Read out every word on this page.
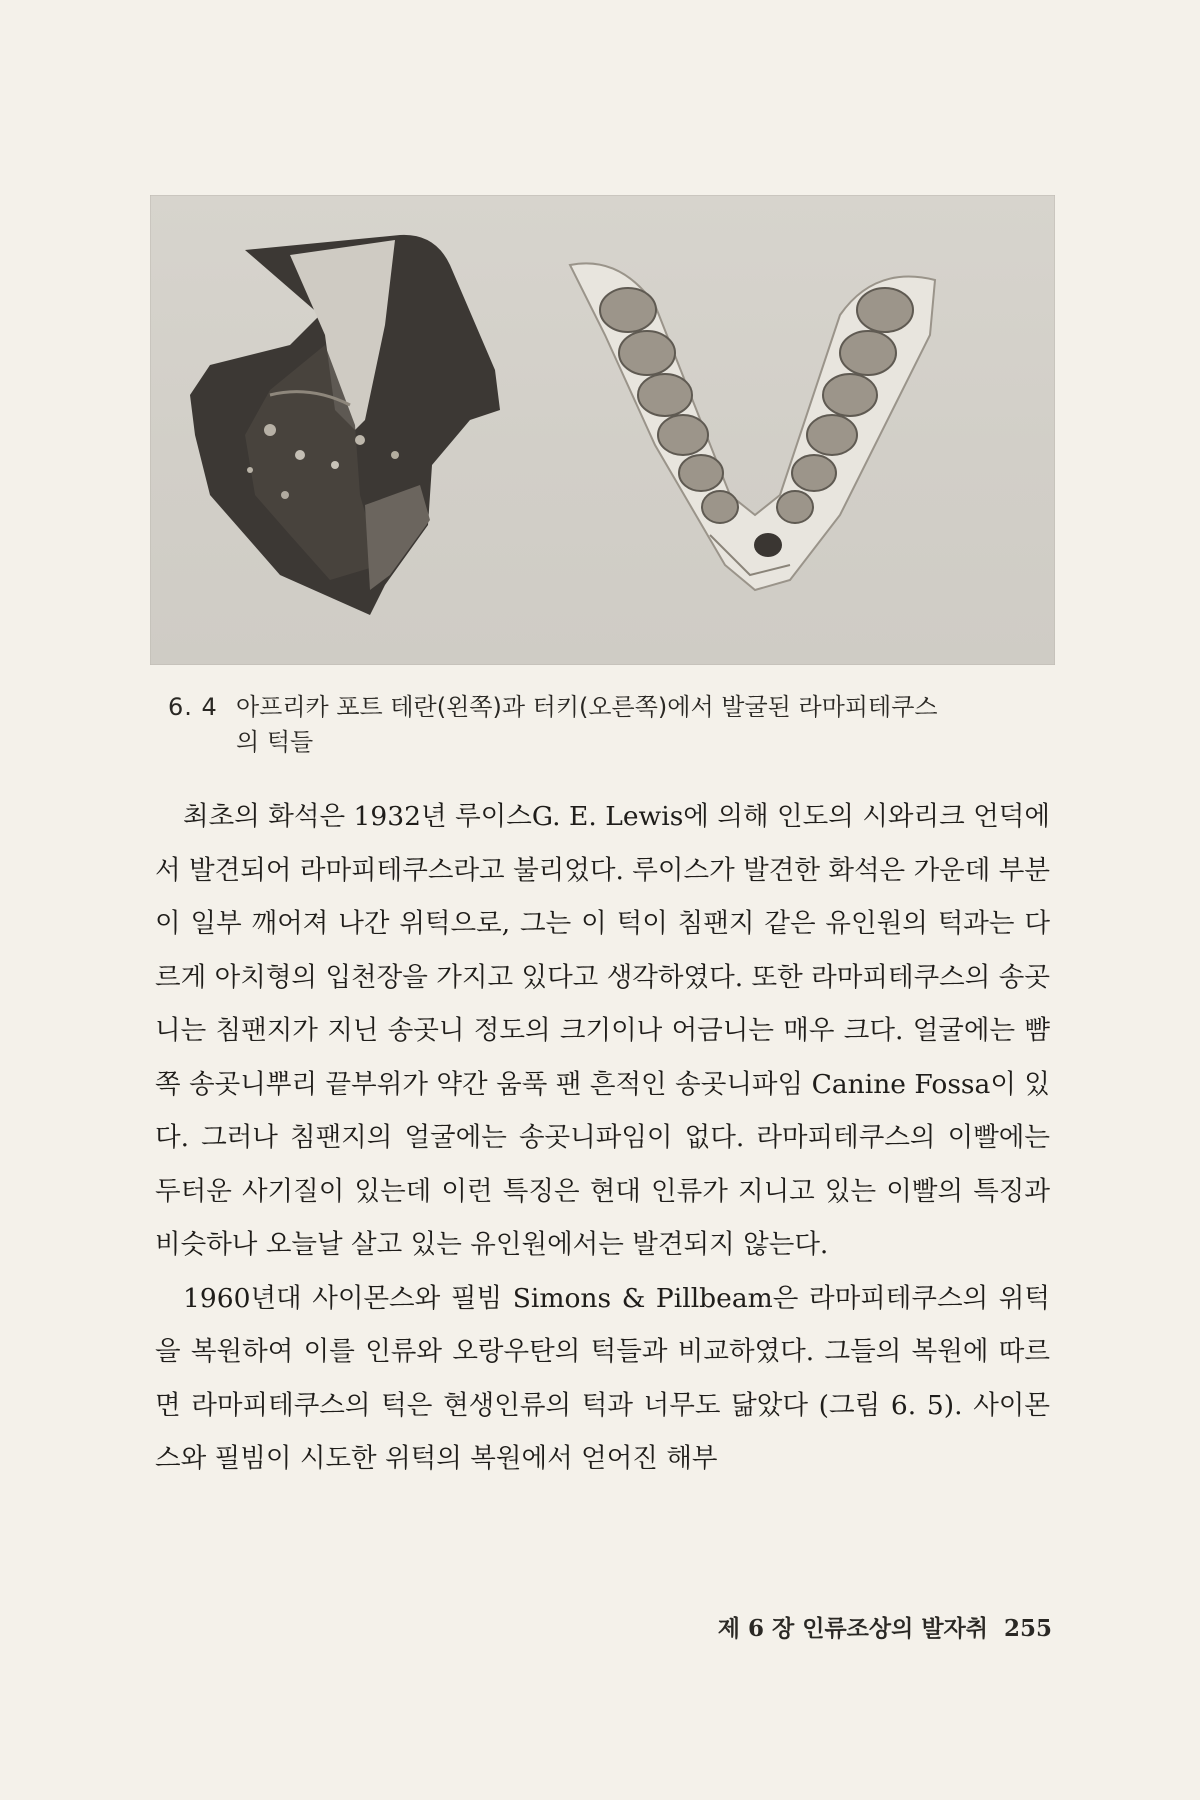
6. 4 아프리카 포트 테란(왼쪽)과 터키(오른쪽)에서 발굴된 라마피테쿠스
의 턱들

최초의 화석은 1932년 루이스G. E. Lewis에 의해 인도의 시와리크 언덕에서 발견되어 라마피테쿠스라고 불리었다. 루이스가 발견한 화석은 가운데 부분이 일부 깨어져 나간 위턱으로, 그는 이 턱이 침팬지 같은 유인원의 턱과는 다르게 아치형의 입천장을 가지고 있다고 생각하였다. 또한 라마피테쿠스의 송곳니는 침팬지가 지닌 송곳니 정도의 크기이나 어금니는 매우 크다. 얼굴에는 뺨쪽 송곳니뿌리 끝부위가 약간 움푹 팬 흔적인 송곳니파임 Canine Fossa이 있다. 그러나 침팬지의 얼굴에는 송곳니파임이 없다. 라마피테쿠스의 이빨에는 두터운 사기질이 있는데 이런 특징은 현대 인류가 지니고 있는 이빨의 특징과 비슷하나 오늘날 살고 있는 유인원에서는 발견되지 않는다.

1960년대 사이몬스와 필빔 Simons & Pillbeam은 라마피테쿠스의 위턱을 복원하여 이를 인류와 오랑우탄의 턱들과 비교하였다. 그들의 복원에 따르면 라마피테쿠스의 턱은 현생인류의 턱과 너무도 닮았다 (그림 6. 5). 사이몬스와 필빔이 시도한 위턱의 복원에서 얻어진 해부

제 6 장 인류조상의 발자취 255
